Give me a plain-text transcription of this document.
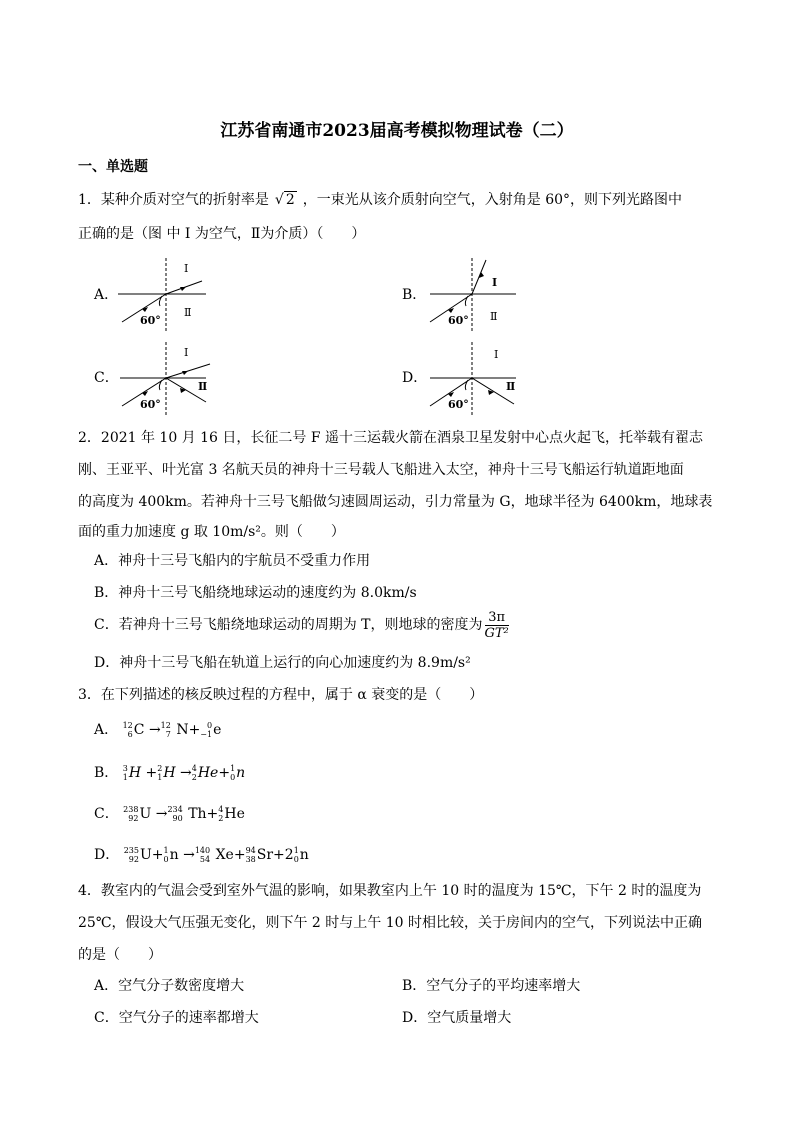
江苏省南通市2023届高考模拟物理试卷（二）
一、单选题
1．某种介质对空气的折射率是 √ 2 ，一束光从该介质射向空气，入射角是 60°，则下列光路图中
正确的是（图 中 Ⅰ 为空气，Ⅱ为介质）（　　）
A．
60°
Ⅰ
Ⅱ
B．
60°
Ⅰ
Ⅱ
C．
60°
Ⅰ
Ⅱ
D．
60°
Ⅰ
Ⅱ
2．2021 年 10 月 16 日，长征二号 F 遥十三运载火箭在酒泉卫星发射中心点火起飞，托举载有翟志
刚、王亚平、叶光富 3 名航天员的神舟十三号载人飞船进入太空，神舟十三号飞船运行轨道距地面
的高度为 400km。若神舟十三号飞船做匀速圆周运动，引力常量为 G，地球半径为 6400km，地球表
面的重力加速度 g 取 10m/s²。则（　　）
A．神舟十三号飞船内的宇航员不受重力作用
B．神舟十三号飞船绕地球运动的速度约为 8.0km/s
C．若神舟十三号飞船绕地球运动的周期为 T，则地球的密度为 $\frac{3\pi}{\text{GT²}}$
D．神舟十三号飞船在轨道上运行的向心加速度约为 8.9m/s²
3．在下列描述的核反映过程的方程中，属于 α 衰变的是（　　）
A． 12
6 C → 12
7 N+ 0
−1 e
B． 3
1 H + 2
1 H → 4
2 He+ 1
0 n
C． 238
92 U → 234
90 Th+ 4
2 He
D． 235
92 U+ 1
0 n → 140
54 Xe+ 94
38 Sr+2 1
0 n
4．教室内的气温会受到室外气温的影响，如果教室内上午 10 时的温度为 15℃，下午 2 时的温度为
25℃，假设大气压强无变化，则下午 2 时与上午 10 时相比较，关于房间内的空气，下列说法中正确
的是（　　）
A．空气分子数密度增大	B．空气分子的平均速率增大
C．空气分子的速率都增大	D．空气质量增大
